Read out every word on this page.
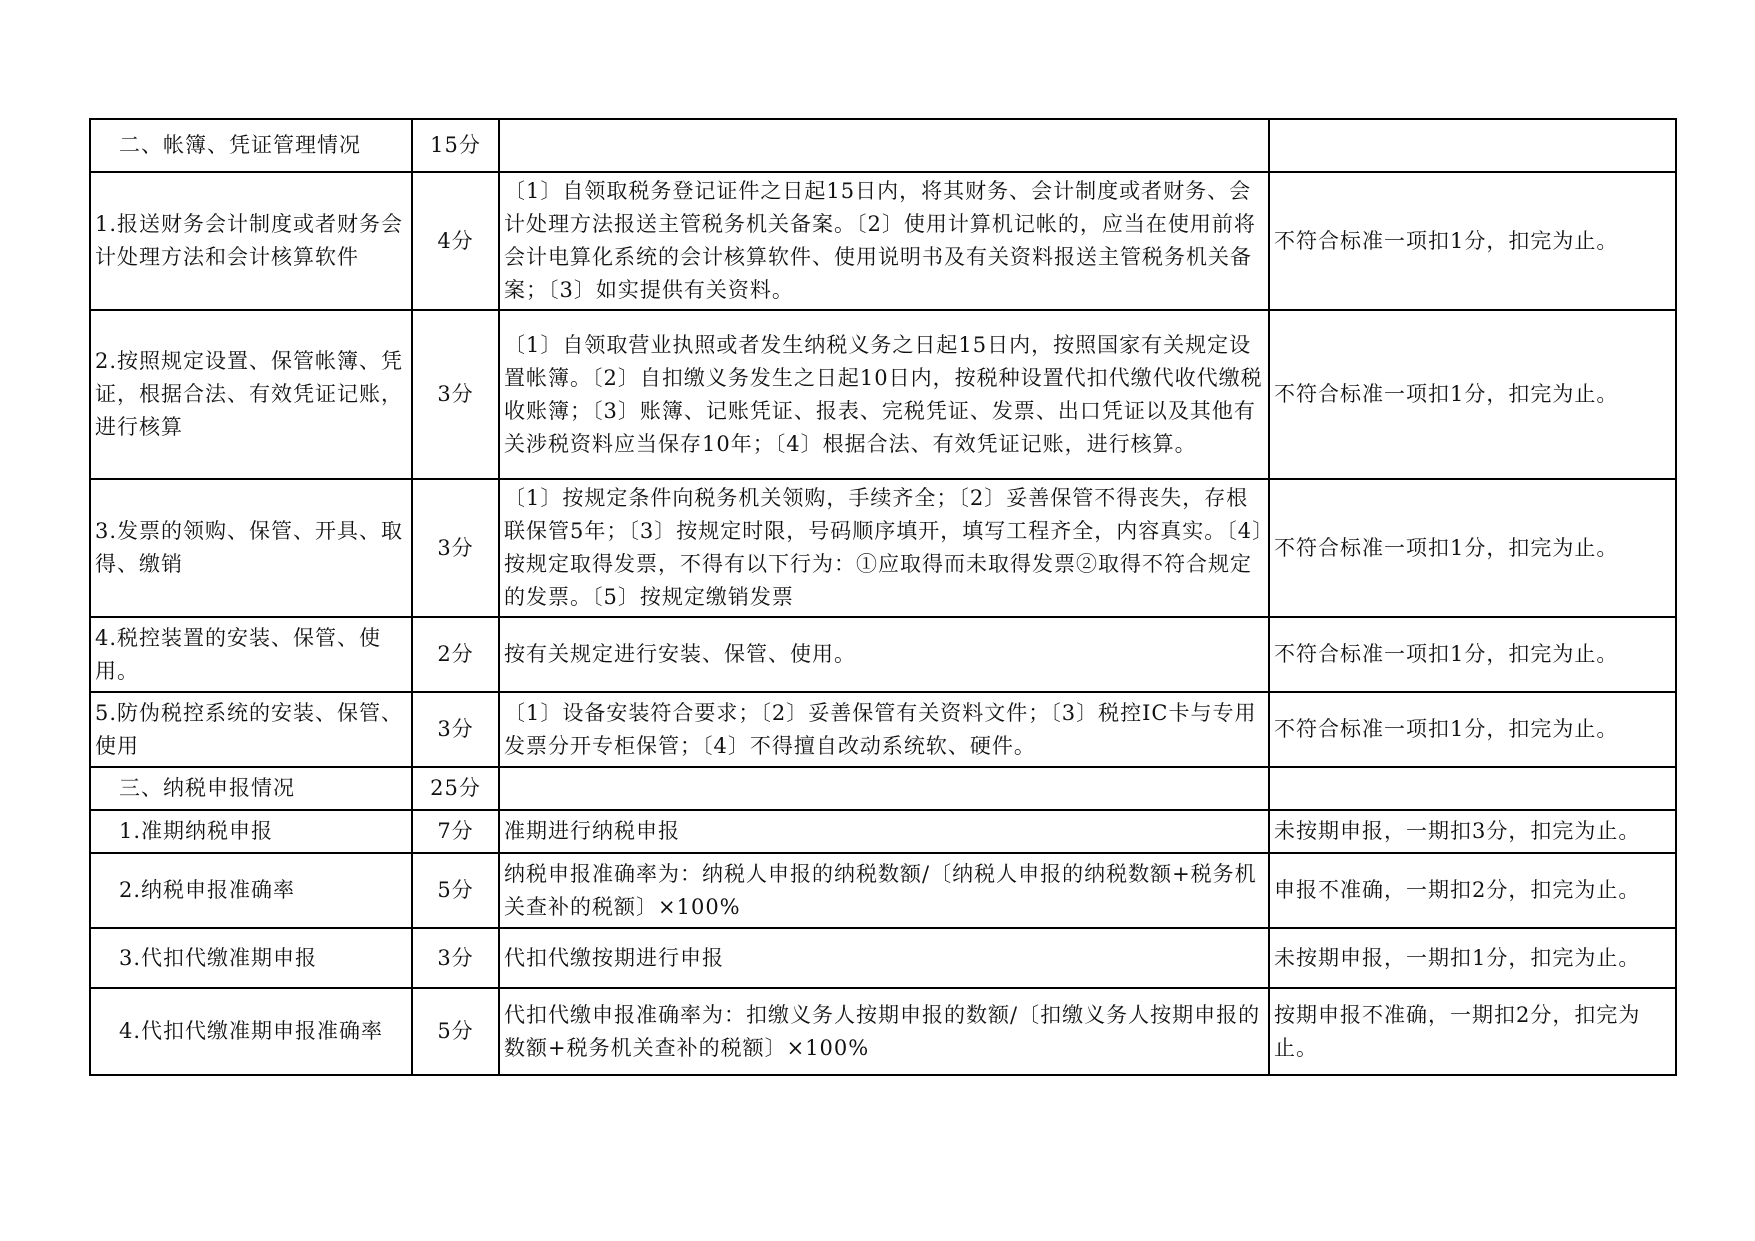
二、帐簿、凭证管理情况	15分		
1.报送财务会计制度或者财务会计处理方法和会计核算软件	4分	〔1〕自领取税务登记证件之日起15日内，将其财务、会计制度或者财务、会计处理方法报送主管税务机关备案。〔2〕使用计算机记帐的，应当在使用前将会计电算化系统的会计核算软件、使用说明书及有关资料报送主管税务机关备案；〔3〕如实提供有关资料。	不符合标准一项扣1分，扣完为止。
2.按照规定设置、保管帐簿、凭证，根据合法、有效凭证记账，进行核算	3分	〔1〕自领取营业执照或者发生纳税义务之日起15日内，按照国家有关规定设置帐簿。〔2〕自扣缴义务发生之日起10日内，按税种设置代扣代缴代收代缴税收账簿；〔3〕账簿、记账凭证、报表、完税凭证、发票、出口凭证以及其他有关涉税资料应当保存10年；〔4〕根据合法、有效凭证记账，进行核算。	不符合标准一项扣1分，扣完为止。
3.发票的领购、保管、开具、取得、缴销	3分	〔1〕按规定条件向税务机关领购，手续齐全；〔2〕妥善保管不得丧失，存根联保管5年；〔3〕按规定时限，号码顺序填开，填写工程齐全，内容真实。〔4〕按规定取得发票，不得有以下行为：①应取得而未取得发票②取得不符合规定的发票。〔5〕按规定缴销发票	不符合标准一项扣1分，扣完为止。
4.税控装置的安装、保管、使用。	2分	按有关规定进行安装、保管、使用。	不符合标准一项扣1分，扣完为止。
5.防伪税控系统的安装、保管、使用	3分	〔1〕设备安装符合要求；〔2〕妥善保管有关资料文件；〔3〕税控IC卡与专用发票分开专柜保管；〔4〕不得擅自改动系统软、硬件。	不符合标准一项扣1分，扣完为止。
三、纳税申报情况	25分		
1.准期纳税申报	7分	准期进行纳税申报	未按期申报，一期扣3分，扣完为止。
2.纳税申报准确率	5分	纳税申报准确率为：纳税人申报的纳税数额/〔纳税人申报的纳税数额+税务机关查补的税额〕×100%	申报不准确，一期扣2分，扣完为止。
3.代扣代缴准期申报	3分	代扣代缴按期进行申报	未按期申报，一期扣1分，扣完为止。
4.代扣代缴准期申报准确率	5分	代扣代缴申报准确率为：扣缴义务人按期申报的数额/〔扣缴义务人按期申报的数额+税务机关查补的税额〕×100%	按期申报不准确，一期扣2分，扣完为止。
